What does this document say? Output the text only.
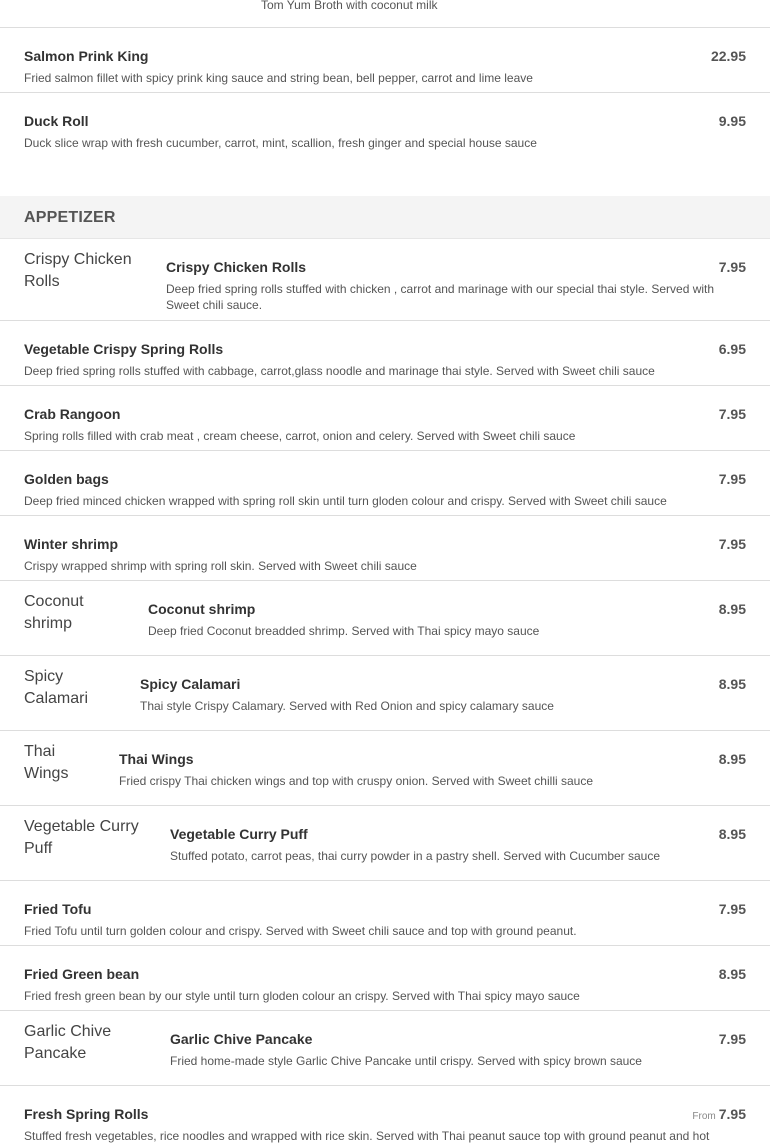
Tom Yum Broth with coconut milk
Salmon Prink King	22.95
Fried salmon fillet with spicy prink king sauce and string bean, bell pepper, carrot and lime leave
Duck Roll	9.95
Duck slice wrap with fresh cucumber, carrot, mint, scallion, fresh ginger and special house sauce
APPETIZER
Crispy Chicken Rolls
Crispy Chicken Rolls	7.95
Deep fried spring rolls stuffed with chicken , carrot and marinage with our special thai style. Served with Sweet chili sauce.
Vegetable Crispy Spring Rolls	6.95
Deep fried spring rolls stuffed with cabbage, carrot,glass noodle and marinage thai style. Served with Sweet chili sauce
Crab Rangoon	7.95
Spring rolls filled with crab meat , cream cheese, carrot, onion and celery. Served with Sweet chili sauce
Golden bags	7.95
Deep fried minced chicken wrapped with spring roll skin until turn gloden colour and crispy. Served with Sweet chili sauce
Winter shrimp	7.95
Crispy wrapped shrimp with spring roll skin. Served with Sweet chili sauce
Coconut shrimp
Coconut shrimp	8.95
Deep fried Coconut breadded shrimp. Served with Thai spicy mayo sauce
Spicy Calamari
Spicy Calamari	8.95
Thai style Crispy Calamary. Served with Red Onion and spicy calamary sauce
Thai Wings
Thai Wings	8.95
Fried crispy Thai chicken wings and top with cruspy onion. Served with Sweet chilli sauce
Vegetable Curry Puff
Vegetable Curry Puff	8.95
Stuffed potato, carrot peas, thai curry powder in a pastry shell. Served with Cucumber sauce
Fried Tofu	7.95
Fried Tofu until turn golden colour and crispy. Served with Sweet chili sauce and top with ground peanut.
Fried Green bean	8.95
Fried fresh green bean by our style until turn gloden colour an crispy. Served with Thai spicy mayo sauce
Garlic Chive Pancake
Garlic Chive Pancake	7.95
Fried home-made style Garlic Chive Pancake until crispy. Served with spicy brown sauce
Fresh Spring Rolls	From 7.95
Stuffed fresh vegetables, rice noodles and wrapped with rice skin. Served with Thai peanut sauce top with ground peanut and hot
